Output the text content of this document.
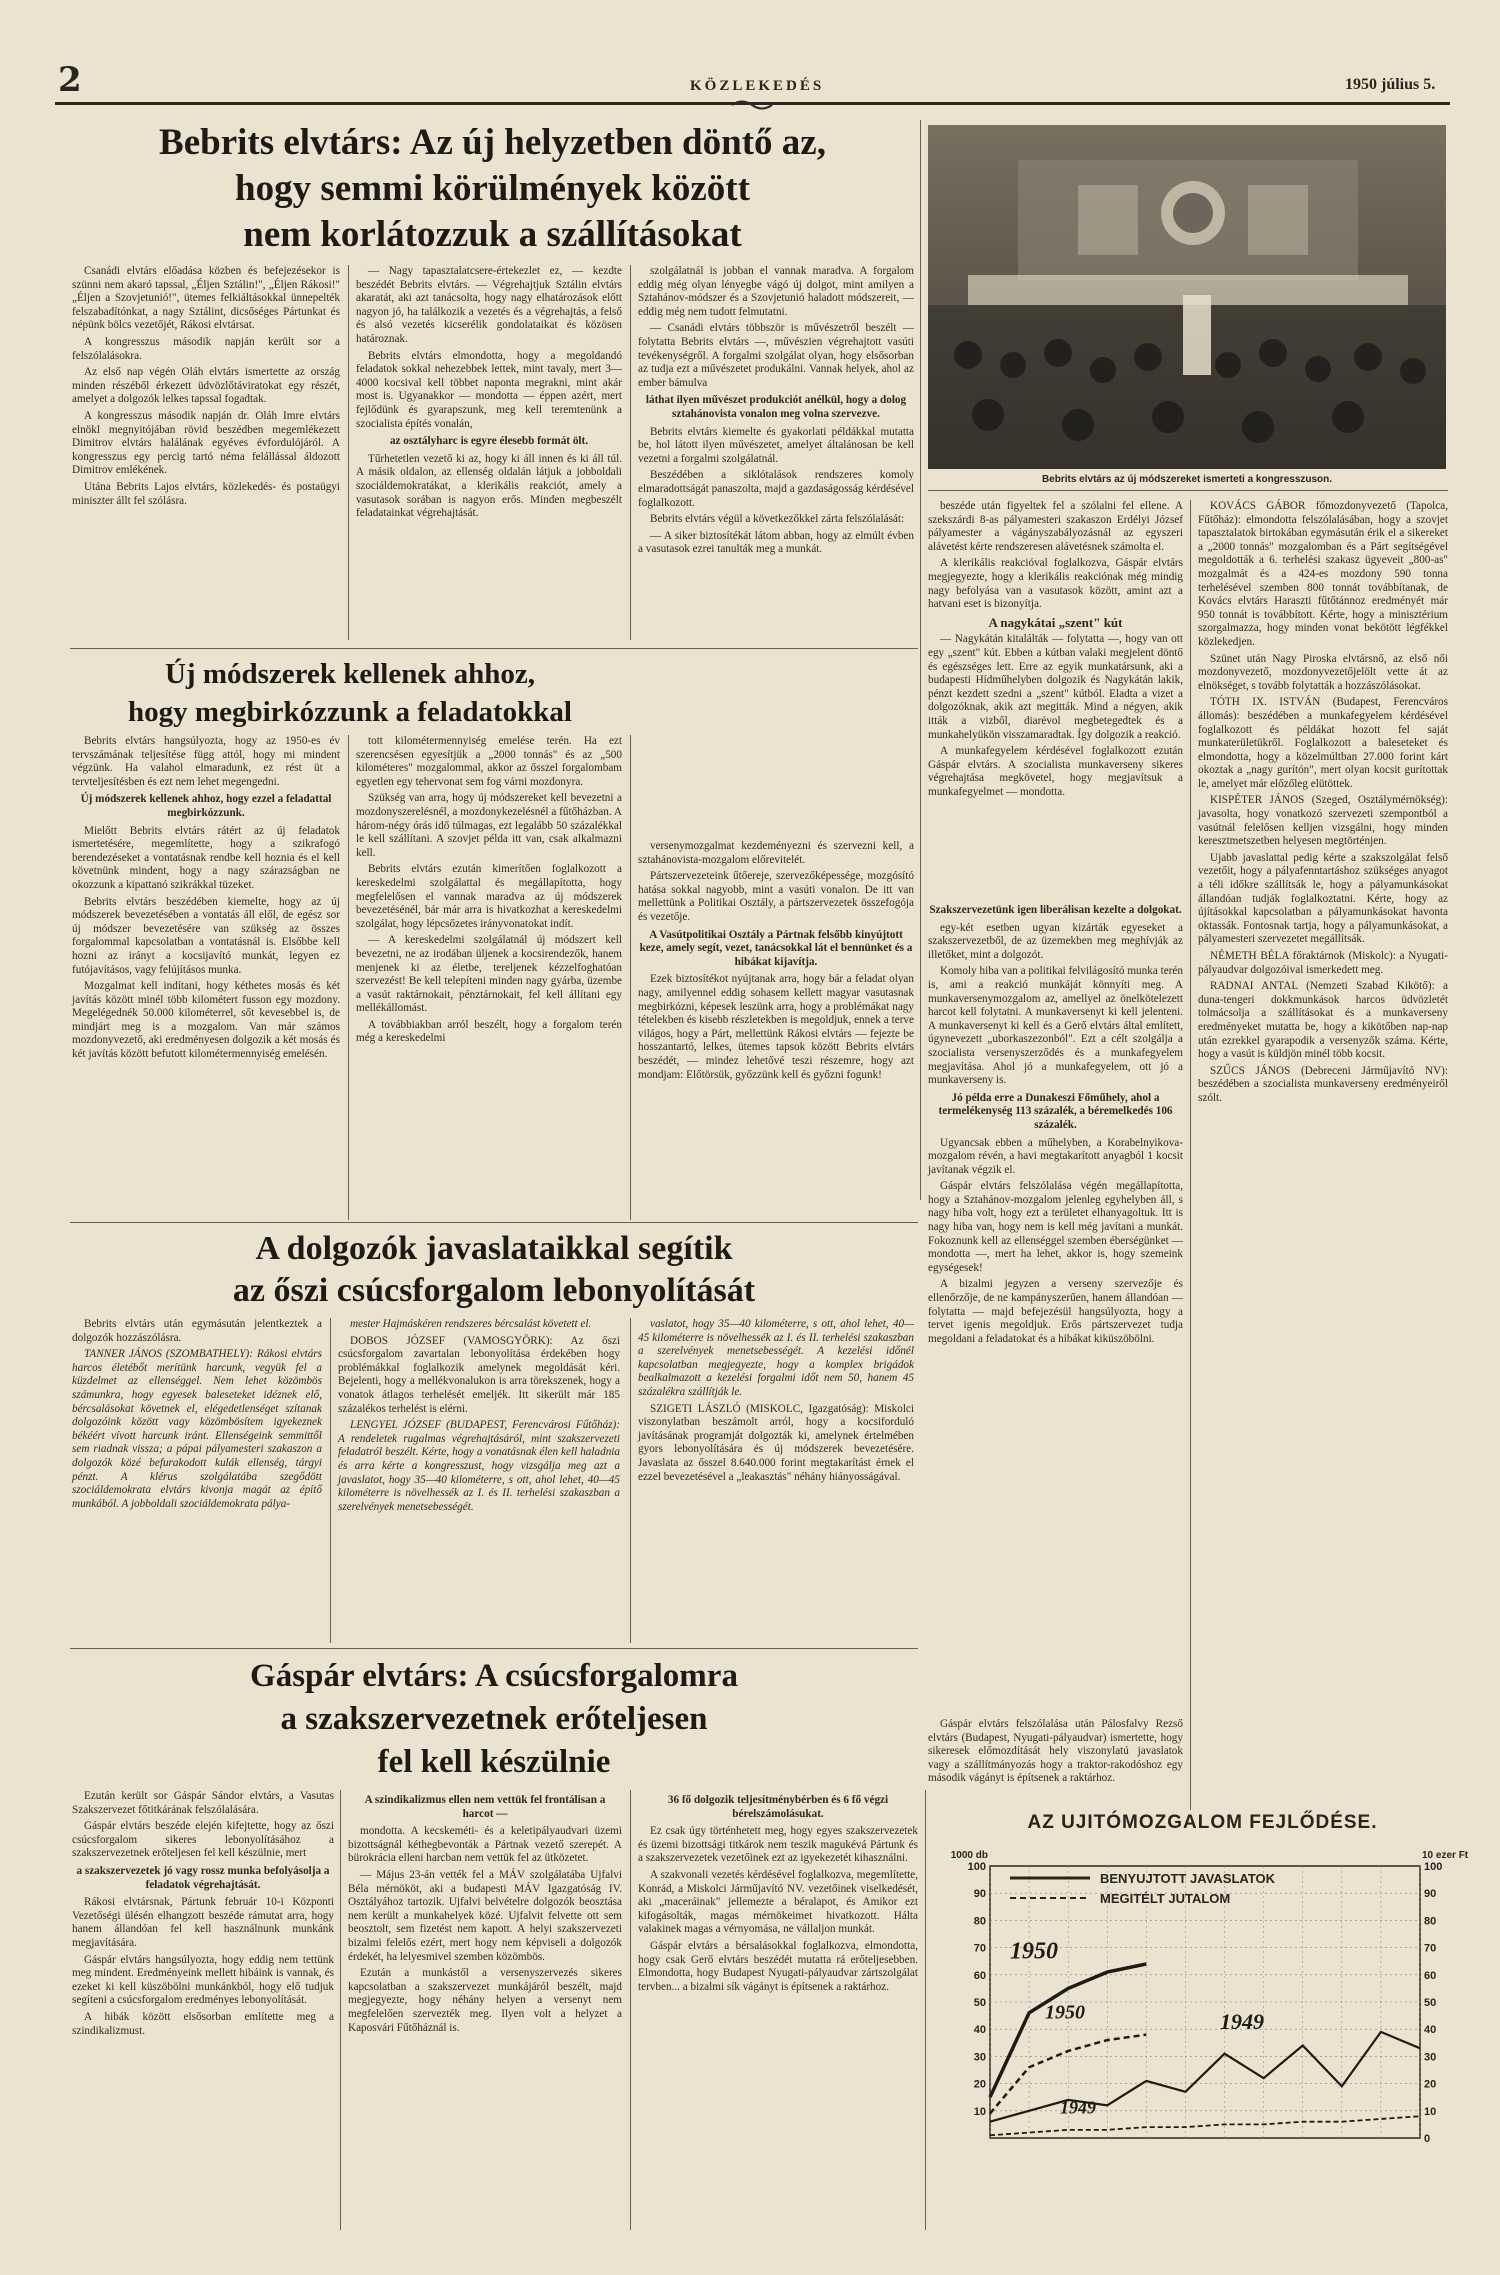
2	KÖZLEKEDÉS	1950 július 5.
Bebrits elvtárs: Az új helyzetben döntő az,
hogy semmi körülmények között
nem korlátozzuk a szállításokat

Csanádi elvtárs előadása közben és befejezésekor is szünni nem akaró tapssal, „Éljen Sztálin!", „Éljen Rákosi!" „Éljen a Szovjetunió!", ütemes felkiáltásokkal ünnepelték felszabadítónkat, a nagy Sztálint, dicsőséges Pártunkat és népünk bölcs vezetőjét, Rákosi elvtársat.

A kongresszus második napján került sor a felszólalásokra.

Az első nap végén Oláh elvtárs ismertette az ország minden részéből érkezett üdvözlőtáviratokat egy részét, amelyet a dolgozók lelkes tapssal fogadtak.

A kongresszus második napján dr. Oláh Imre elvtárs elnökl megnyitójában rövid beszédben megemlékezett Dimitrov elvtárs halálának egyéves évfordulójáról. A kongresszus egy percig tartó néma felállással áldozott Dimitrov emlékének.

Utána Bebrits Lajos elvtárs, közlekedés- és postaügyi miniszter állt fel szólásra.

— Nagy tapasztalatcsere-értekezlet ez, — kezdte beszédét Bebrits elvtárs. — Végrehajtjuk Sztálin elvtárs akaratát, aki azt tanácsolta, hogy nagy elhatározások előtt nagyon jó, ha találkozik a vezetés és a végrehajtás, a felső és alsó vezetés kicserélik gondolataikat és közösen határoznak.

Bebrits elvtárs elmondotta, hogy a megoldandó feladatok sokkal nehezebbek lettek, mint tavaly, mert 3—4000 kocsival kell többet naponta megrakni, mint akár most is. Ugyanakkor — mondotta — éppen azért, mert fejlődünk és gyarapszunk, meg kell teremtenünk a szocialista építés vonalán,

az osztályharc is egyre élesebb formát ölt.

Tűrhetetlen vezető ki az, hogy ki áll innen és ki áll túl. A másik oldalon, az ellenség oldalán látjuk a jobboldali szociáldemokratákat, a klerikális reakciót, amely a vasutasok sorában is nagyon erős. Minden megbeszélt feladatainkat végrehajtását.

szolgálatnál is jobban el vannak maradva. A forgalom eddig még olyan lényegbe vágó új dolgot, mint amilyen a Sztahánov-módszer és a Szovjetunió haladott módszereit, — eddig még nem tudott felmutatni.

— Csanádi elvtárs többször is művészetről beszélt — folytatta Bebrits elvtárs —, művészien végrehajtott vasúti tevékenységről. A forgalmi szolgálat olyan, hogy elsősorban az tudja ezt a művészetet produkálni. Vannak helyek, ahol az ember bámulva

láthat ilyen művészet produkciót anélkül, hogy a dolog sztahánovista vonalon meg volna szervezve.

Bebrits elvtárs kiemelte és gyakorlati példákkal mutatta be, hol látott ilyen művészetet, amelyet általánosan be kell vezetni a forgalmi szolgálatnál.

Beszédében a siklótalások rendszeres komoly elmaradottságát panaszolta, majd a gazdaságosság kérdésével foglalkozott.

Bebrits elvtárs végül a következőkkel zárta felszólalását:

— A siker biztosítékát látom abban, hogy az elmúlt évben a vasutasok ezrei tanulták meg a munkát.

Bebrits elvtárs az új módszereket ismerteti a kongresszuson.

beszéde után figyeltek fel a szólalni fel ellene. A szekszárdi 8-as pályamesteri szakaszon Erdélyi József pályamester a vágányszabályozásnál az egyszeri alávetést kérte rendszeresen alávetésnek számolta el.

A klerikális reakcióval foglalkozva, Gáspár elvtárs megjegyezte, hogy a klerikális reakciónak még mindig nagy befolyása van a vasutasok között, amint azt a hatvani eset is bizonyítja.

A nagykátai „szent" kút

— Nagykátán kitalálták — folytatta —, hogy van ott egy „szent" kút. Ebben a kútban valaki megjelent döntő és egészséges lett. Erre az egyik munkatársunk, aki a budapesti Hídműhelyben dolgozik és Nagykátán lakik, pénzt kezdett szedni a „szent" kútból. Eladta a vizet a dolgozóknak, akik azt megitták. Mind a négyen, akik itták a vizből, diarévol megbetegedtek és a munkahelyükön visszamaradtak. Így dolgozik a reakció.

A munkafegyelem kérdésével foglalkozott ezután Gáspár elvtárs. A szocialista munkaverseny sikeres végrehajtása megkövetel, hogy megjavítsuk a munkafegyelmet — mondotta.

KOVÁCS GÁBOR főmozdonyvezető (Tapolca, Fűtőház): elmondotta felszólalásában, hogy a szovjet tapasztalatok birtokában egymásután érik el a sikereket a „2000 tonnás" mozgalomban és a Párt segítségével megoldották a 6. terhelési szakasz ügyeveit „800-as" mozgalmát és a 424-es mozdony 590 tonna terhelésével szemben 800 tonnát továbbítanak, de Kovács elvtárs Haraszti fűtőtánnoz eredményét már 950 tonnát is továbbított. Kérte, hogy a minisztérium szorgalmazza, hogy minden vonat bekötött légfékkel közlekedjen.

Szünet után Nagy Piroska elvtársnő, az első női mozdonyvezető, mozdonyvezetőjelölt vette át az elnökséget, s tovább folytatták a hozzászólásokat.

TÓTH IX. ISTVÁN (Budapest, Ferencváros állomás): beszédében a munkafegyelem kérdésével foglalkozott és példákat hozott fel saját munkaterületükről. Foglalkozott a baleseteket és elmondotta, hogy a közelmúltban 27.000 forint kárt okoztak a „nagy gurítón", mert olyan kocsit gurítottak le, amelyet már előzőleg elütöttek.

KISPÉTER JÁNOS (Szeged, Osztálymérnökség): javasolta, hogy vonatkozó szervezeti szempontból a vasútnál felelősen kelljen vizsgálni, hogy minden keresztmetszetben helyesen megtörténjen.

Ujabb javaslattal pedig kérte a szakszolgálat felső vezetőit, hogy a pályafenntartáshoz szükséges anyagot a téli időkre szállítsák le, hogy a pályamunkásokat állandóan tudják foglalkoztatni. Kérte, hogy az újításokkal kapcsolatban a pályamunkásokat havonta oktassák. Fontosnak tartja, hogy a pályamunkásokat, a pályamesteri szervezetet megállítsák.

NÉMETH BÉLA főraktárnok (Miskolc): a Nyugati-pályaudvar dolgozóival ismerkedett meg.

RADNAI ANTAL (Nemzeti Szabad Kikötő): a duna-tengeri dokkmunkások harcos üdvözletét tolmácsolja a szállításokat és a munkaverseny eredményeket mutatta be, hogy a kikötőben nap-nap után ezrekkel gyarapodik a versenyzők száma. Kérte, hogy a vasút is küldjön minél több kocsit.

SZŰCS JÁNOS (Debreceni Járműjavító NV): beszédében a szocialista munkaverseny eredményeiről szólt.

Új módszerek kellenek ahhoz,
hogy megbirkózzunk a feladatokkal

Bebrits elvtárs hangsúlyozta, hogy az 1950-es év tervszámának teljesítése függ attól, hogy mi mindent végzünk. Ha valahol elmaradunk, ez rést üt a tervteljesítésben és ezt nem lehet megengedni.

Új módszerek kellenek ahhoz, hogy ezzel a feladattal megbirkózzunk.

Mielőtt Bebrits elvtárs rátért az új feladatok ismertetésére, megemlítette, hogy a szikrafogó berendezéseket a vontatásnak rendbe kell hoznia és el kell követnünk mindent, hogy a nagy szárazságban ne okozzunk a kipattanó szikrákkal tüzeket.

Bebrits elvtárs beszédében kiemelte, hogy az új módszerek bevezetésében a vontatás áll elől, de egész sor új módszer bevezetésére van szükség az összes forgalommal kapcsolatban a vontatásnál is. Elsőbbe kell hozni az irányt a kocsijavító munkát, legyen ez futójavításos, vagy felújításos munka.

Mozgalmat kell indítani, hogy kéthetes mosás és két javítás között minél több kilométert fusson egy mozdony. Megelégednék 50.000 kilométerrel, sőt kevesebbel is, de mindjárt meg is a mozgalom. Van már számos mozdonyvezető, aki eredményesen dolgozik a két mosás és két javítás között befutott kilométermennyiség emelésén.

tott kilométermennyiség emelése terén. Ha ezt szerencsésen egyesítjük a „2000 tonnás" és az „500 kilométeres" mozgalommal, akkor az ősszel forgalombam egyetlen egy tehervonat sem fog várni mozdonyra.

Szükség van arra, hogy új módszereket kell bevezetni a mozdonyszerelésnél, a mozdonykezelésnél a fűtőházban. A három-négy órás idő túlmagas, ezt legalább 50 százalékkal le kell szállítani. A szovjet példa itt van, csak alkalmazni kell.

Bebrits elvtárs ezután kimerítően foglalkozott a kereskedelmi szolgálattal és megállapította, hogy megfelelősen el vannak maradva az új módszerek bevezetésénél, bár már arra is hivatkozhat a kereskedelmi szolgálat, hogy lépcsőzetes irányvonatokat indít.

— A kereskedelmi szolgálatnál új módszert kell bevezetni, ne az irodában üljenek a kocsirendezők, hanem menjenek ki az életbe, tereljenek kézzelfoghatóan szervezést! Be kell telepíteni minden nagy gyárba, üzembe a vasút raktárnokait, pénztárnokait, fel kell állítani egy mellékállomást.

A továbbiakban arról beszélt, hogy a forgalom terén még a kereskedelmi

versenymozgalmat kezdeményezni és szervezni kell, a sztahánovista-mozgalom előrevitelét.

Pártszervezeteink űtőereje, szervezőképessége, mozgósító hatása sokkal nagyobb, mint a vasúti vonalon. De itt van mellettünk a Politikai Osztály, a pártszervezetek összefogója és vezetője.

A Vasútpolitikai Osztály a Pártnak felsőbb kinyújtott keze, amely segít, vezet, tanácsokkal lát el bennünket és a hibákat kijavítja.

Ezek biztosítékot nyújtanak arra, hogy bár a feladat olyan nagy, amilyennel eddig sohasem kellett magyar vasutasnak megbirkózni, képesek leszünk arra, hogy a problémákat nagy tételekben és kisebb részletekben is megoldjuk, ennek a terve világos, hogy a Párt, mellettünk Rákosi elvtárs — fejezte be hosszantartó, lelkes, ütemes tapsok között Bebrits elvtárs beszédét, — mindez lehetővé teszi részemre, hogy azt mondjam: Előtörsük, győzzünk kell és győzni fogunk!

Szakszervezetünk igen liberálisan kezelte a dolgokat.

egy-két esetben ugyan kizárták egyeseket a szakszervezetből, de az üzemekben meg meghívják az illetőket, mint a dolgozót.

Komoly hiba van a politikai felvilágosító munka terén is, ami a reakció munkáját könnyíti meg. A munkaversenymozgalom az, amellyel az önelkötelezett harcot kell folytatni. A munkaversenyt ki kell jelenteni. A munkaversenyt ki kell és a Gerő elvtárs által említett, úgynevezett „uborkaszezonból". Ezt a célt szolgálja a szocialista versenyszerződés és a munkafegyelem megjavítása. Ahol jó a munkafegyelem, ott jó a munkaverseny is.

Jó példa erre a Dunakeszi Főműhely, ahol a termelékenység 113 százalék, a béremelkedés 106 százalék.

Ugyancsak ebben a műhelyben, a Korabelnyikova-mozgalom révén, a havi megtakarított anyagból 1 kocsit javítanak végzik el.

Gáspár elvtárs felszólalása végén megállapította, hogy a Sztahánov-mozgalom jelenleg egyhelyben áll, s nagy hiba volt, hogy ezt a területet elhanyagoltuk. Itt is nagy hiba van, hogy nem is kell még javítani a munkát. Fokoznunk kell az ellenséggel szemben éberségünket — mondotta —, mert ha lehet, akkor is, hogy szemeink egységesek!

A bizalmi jegyzen a verseny szervezője és ellenőrzője, de ne kampányszerűen, hanem állandóan — folytatta — majd befejezésül hangsúlyozta, hogy a tervet igenis megoldjuk. Erős pártszervezet tudja megoldani a feladatokat és a hibákat kiküszöbölni.

A dolgozók javaslataikkal segítik
az őszi csúcsforgalom lebonyolítását

Bebrits elvtárs után egymásután jelentkeztek a dolgozók hozzászólásra.

TANNER JÁNOS (SZOMBATHELY): Rákosi elvtárs harcos életébőt merítünk harcunk, vegyük fel a küzdelmet az ellenséggel. Nem lehet közömbös számunkra, hogy egyesek baleseteket idéznek elő, bércsalásokat követnek el, elégedetlenséget szítanak dolgozóink között vagy közömbösítem igyekeznek békéért vívott harcunk iránt. Ellenségeink semmittől sem riadnak vissza; a pápai pályamesteri szakaszon a dolgozók közé befurakodott kulák ellenség, tárgyi pénzt. A klérus szolgálatába szegődött szociáldemokrata elvtárs kivonja magát az építő munkából. A jobboldali szociáldemokrata pálya-

mester Hajmáskéren rendszeres bércsalást követett el.

DOBOS JÓZSEF (VAMOSGYÖRK): Az őszi csúcsforgalom zavartalan lebonyolítása érdekében hogy problémákkal foglalkozik amelynek megoldását kéri. Bejelenti, hogy a mellékvonalukon is arra törekszenek, hogy a vonatok átlagos terhelését emeljék. Itt sikerült már 185 százalékos terhelést is elérni.

LENGYEL JÓZSEF (BUDAPEST, Ferencvárosi Fűtőház): A rendeletek rugalmas végrehajtásáról, mint szakszervezeti feladatról beszélt. Kérte, hogy a vonatásnak élen kell haladnia és arra kérte a kongresszust, hogy vizsgálja meg azt a javaslatot, hogy 35—40 kilométerre, s ott, ahol lehet, 40—45 kilométerre is növelhessék az I. és II. terhelési szakaszban a szerelvények menetsebességét.

vaslatot, hogy 35—40 kilométerre, s ott, ahol lehet, 40—45 kilométerre is növelhessék az I. és II. terhelési szakaszban a szerelvények menetsebességét. A kezelési időnél kapcsolatban megjegyezte, hogy a komplex brigádok bealkalmazott a kezelési forgalmi időt nem 50, hanem 45 százalékra szállítják le.

SZIGETI LÁSZLÓ (MISKOLC, Igazgatóság): Miskolci viszonylatban beszámolt arról, hogy a kocsiforduló javításának programját dolgozták ki, amelynek értelmében gyors lebonyolítására és új módszerek bevezetésére. Javaslata az ősszel 8.640.000 forint megtakarítást érnek el ezzel bevezetésével a „leakasztás" néhány hiányosságával.

Gáspár elvtárs: A csúcsforgalomra
a szakszervezetnek erőteljesen
fel kell készülnie

Ezután került sor Gáspár Sándor elvtárs, a Vasutas Szakszervezet főtitkárának felszólalására.

Gáspár elvtárs beszéde elején kifejtette, hogy az őszi csúcsforgalom sikeres lebonyolításához a szakszervezetnek erőteljesen fel kell készülnie, mert

a szakszervezetek jó vagy rossz munka befolyásolja a feladatok végrehajtását.

Rákosi elvtársnak, Pártunk február 10-i Központi Vezetőségi ülésén elhangzott beszéde rámutat arra, hogy hanem állandóan fel kell használnunk munkánk megjavítására.

Gáspár elvtárs hangsúlyozta, hogy eddig nem tettünk meg mindent. Eredményeink mellett hibáink is vannak, és ezeket ki kell küszöbölni munkánkból, hogy elő tudjuk segíteni a csúcsforgalom eredményes lebonyolítását.

A hibák között elsősorban említette meg a szindikalizmust.

A szindikalizmus ellen nem vettük fel frontálisan a harcot —

mondotta. A kecskeméti- és a keletipályaudvari üzemi bizottságnál kéthegbevonták a Pártnak vezető szerepét. A bürokrácia elleni harcban nem vettük fel az ütközetet.

— Május 23-án vették fel a MÁV szolgálatába Ujfalvi Béla mérnököt, aki a budapesti MÁV Igazgatóság IV. Osztályához tartozik. Ujfalvi belvételre dolgozók beosztása nem került a munkahelyek közé. Ujfalvit felvette ott sem beosztolt, sem fizetést nem kapott. A helyi szakszervezeti bizalmi felelős ezért, mert hogy nem képviseli a dolgozók érdekét, ha lelyesmivel szemben közömbös.

Ezután a munkástől a versenyszervezés sikeres kapcsolatban a szakszervezet munkájáról beszélt, majd megjegyezte, hogy néhány helyen a versenyt nem megfelelően szervezték meg. Ilyen volt a helyzet a Kaposvári Fűtőháznál is.

36 fő dolgozik teljesítménybérben és 6 fő végzi bérelszámolásukat.

Ez csak úgy történhetett meg, hogy egyes szakszervezetek és üzemi bizottsági titkárok nem teszik magukévá Pártunk és a szakszervezetek vezetőinek ezt az igyekezetét kihasználni.

A szakvonali vezetés kérdésével foglalkozva, megemlítette, Konrád, a Miskolci Járműjavító NV. vezetőinek viselkedését, aki „maceráinak" jellemezte a béralapot, és Amikor ezt kifogásolták, magas mérnökeimet hivatkozott. Hálta valakinek magas a vérnyomása, ne vállaljon munkát.

Gáspár elvtárs a bérsalásokkal foglalkozva, elmondotta, hogy csak Gerő elvtárs beszédét mutatta rá erőteljesebben. Elmondotta, hogy Budapest Nyugati-pályaudvar zártszolgálat tervben... a bizalmi sík vágányt is építsenek a raktárhoz.

Gáspár elvtárs felszólalása után Pálosfalvy Rezső elvtárs (Budapest, Nyugati-pályaudvar) ismertette, hogy sikeresek előmozdítását hely viszonylatú javaslatok vagy a szállítmányozás hogy a traktor-rakodóshoz egy második vágányt is építsenek a raktárhoz.

AZ UJITÓMOZGALOM FEJLŐDÉSE.
100
90
80
70
60
50
40
30
20
10
100
90
80
70
60
50
40
30
20
10
0
1000 db	10 ezer Ft
BENYUJTOTT JAVASLATOK
MEGITÉLT JUTALOM
1950
1950	1949
1949
